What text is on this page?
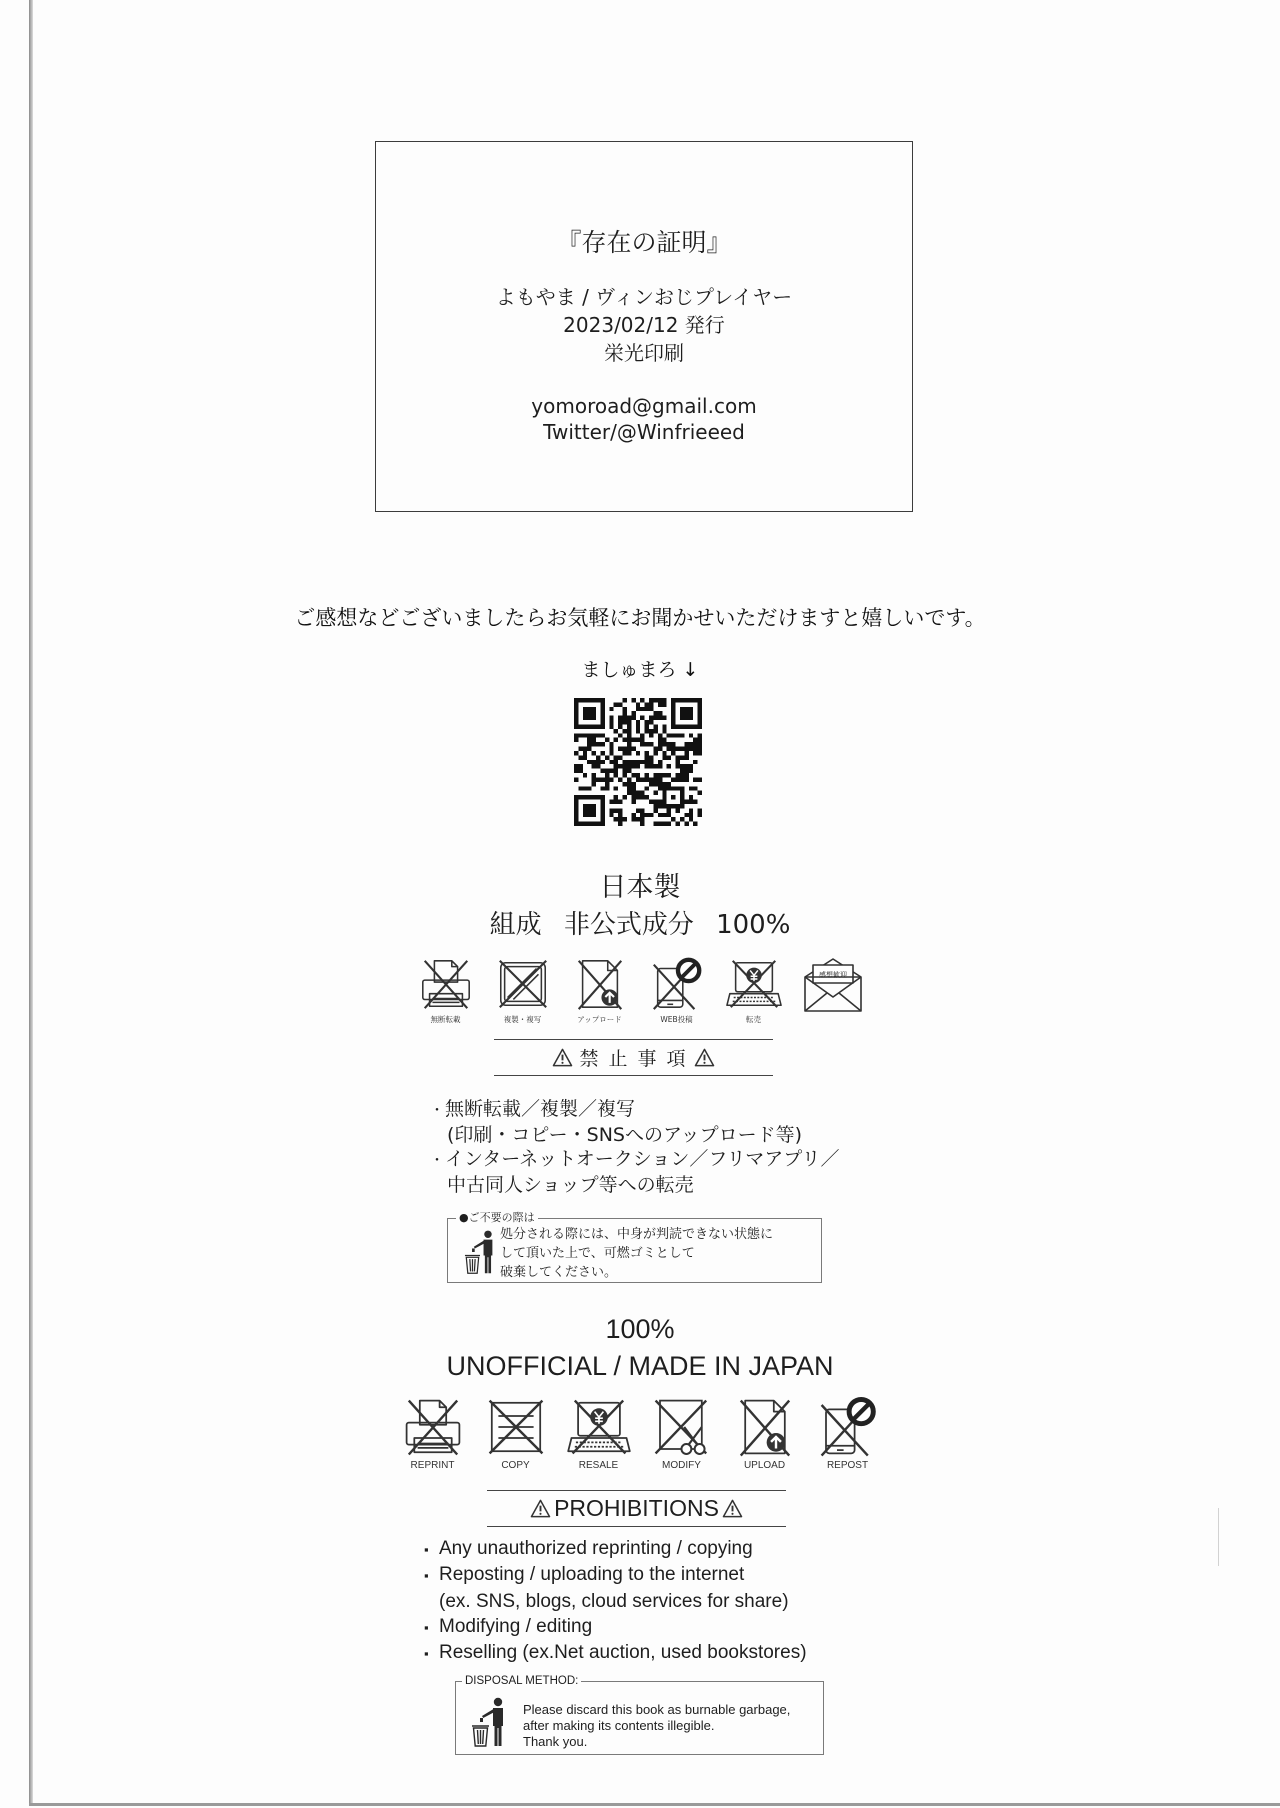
『存在の証明』
よもやま / ヴィンおじプレイヤー
2023/02/12 発行
栄光印刷
yomoroad@gmail.com
Twitter/@Winfrieeed
ご感想などございましたらお気軽にお聞かせいただけますと嬉しいです。
ましゅまろ ↓
日本製
組成 非公式成分 100%
無断転載	複製・複写	アップロード	WEB投稿	転売
感想歓迎
禁 止 事 項
・ 無断転載／複製／複写
(印刷・コピー・SNSへのアップロード等)
・ インターネットオークション／フリマアプリ／
中古同人ショップ等への転売
●ご不要の際は
処分される際には、中身が判読できない状態に
して頂いた上で、可燃ゴミとして
破棄してください。
100%
UNOFFICIAL / MADE IN JAPAN
REPRINT	COPY	RESALE	MODIFY	UPLOAD	REPOST
PROHIBITIONS
▪ Any unauthorized reprinting / copying
▪ Reposting / uploading to the internet
(ex. SNS, blogs, cloud services for share)
▪ Modifying / editing
▪ Reselling (ex.Net auction, used bookstores)
DISPOSAL METHOD:
Please discard this book as burnable garbage,
after making its contents illegible.
Thank you.
